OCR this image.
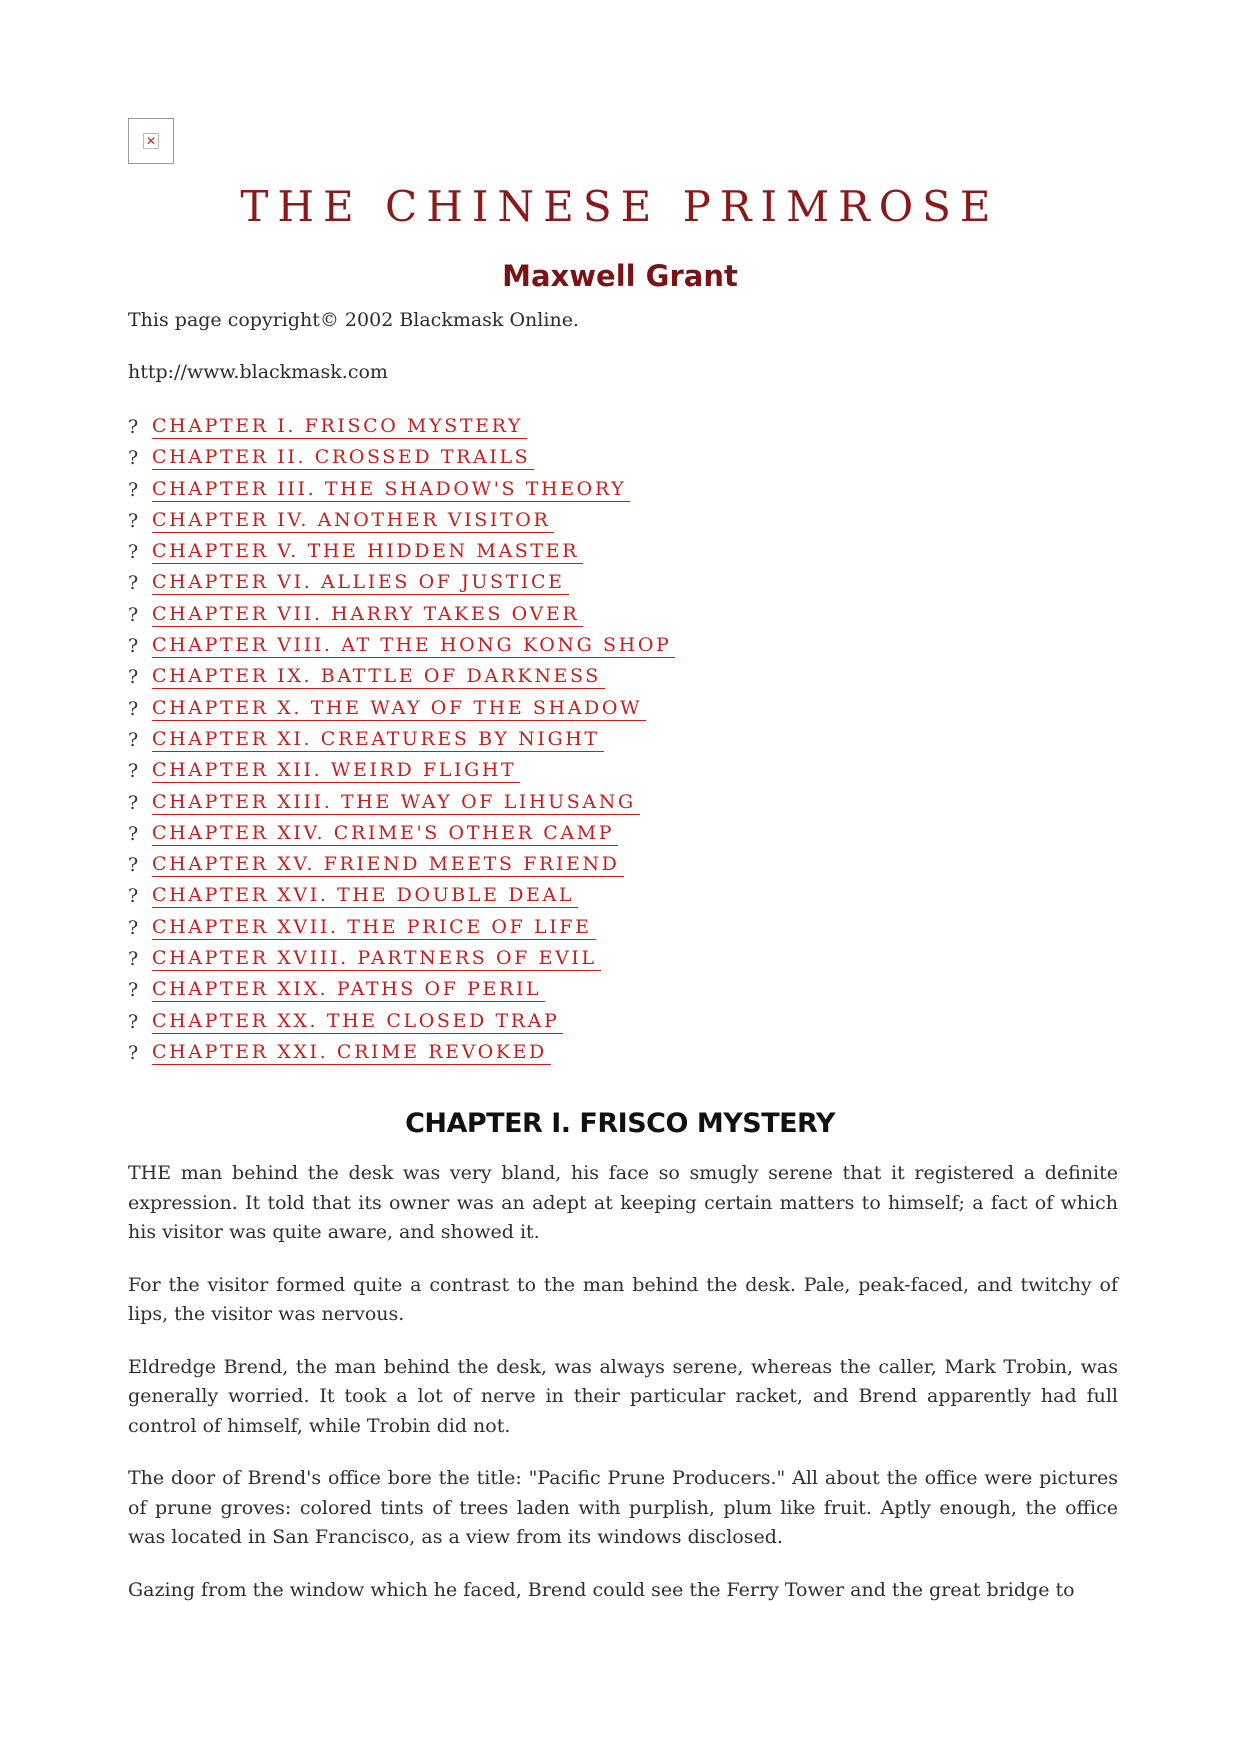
✕
THE CHINESE PRIMROSE
Maxwell Grant

This page copyright© 2002 Blackmask Online.

http://www.blackmask.com

? CHAPTER I. FRISCO MYSTERY
? CHAPTER II. CROSSED TRAILS
? CHAPTER III. THE SHADOW'S THEORY
? CHAPTER IV. ANOTHER VISITOR
? CHAPTER V. THE HIDDEN MASTER
? CHAPTER VI. ALLIES OF JUSTICE
? CHAPTER VII. HARRY TAKES OVER
? CHAPTER VIII. AT THE HONG KONG SHOP
? CHAPTER IX. BATTLE OF DARKNESS
? CHAPTER X. THE WAY OF THE SHADOW
? CHAPTER XI. CREATURES BY NIGHT
? CHAPTER XII. WEIRD FLIGHT
? CHAPTER XIII. THE WAY OF LIHUSANG
? CHAPTER XIV. CRIME'S OTHER CAMP
? CHAPTER XV. FRIEND MEETS FRIEND
? CHAPTER XVI. THE DOUBLE DEAL
? CHAPTER XVII. THE PRICE OF LIFE
? CHAPTER XVIII. PARTNERS OF EVIL
? CHAPTER XIX. PATHS OF PERIL
? CHAPTER XX. THE CLOSED TRAP
? CHAPTER XXI. CRIME REVOKED
CHAPTER I. FRISCO MYSTERY

THE man behind the desk was very bland, his face so smugly serene that it registered a definite expression. It told that its owner was an adept at keeping certain matters to himself; a fact of which his visitor was quite aware, and showed it.

For the visitor formed quite a contrast to the man behind the desk. Pale, peak-faced, and twitchy of lips, the visitor was nervous.

Eldredge Brend, the man behind the desk, was always serene, whereas the caller, Mark Trobin, was generally worried. It took a lot of nerve in their particular racket, and Brend apparently had full control of himself, while Trobin did not.

The door of Brend's office bore the title: "Pacific Prune Producers." All about the office were pictures of prune groves: colored tints of trees laden with purplish, plum like fruit. Aptly enough, the office was located in San Francisco, as a view from its windows disclosed.

Gazing from the window which he faced, Brend could see the Ferry Tower and the great bridge to
